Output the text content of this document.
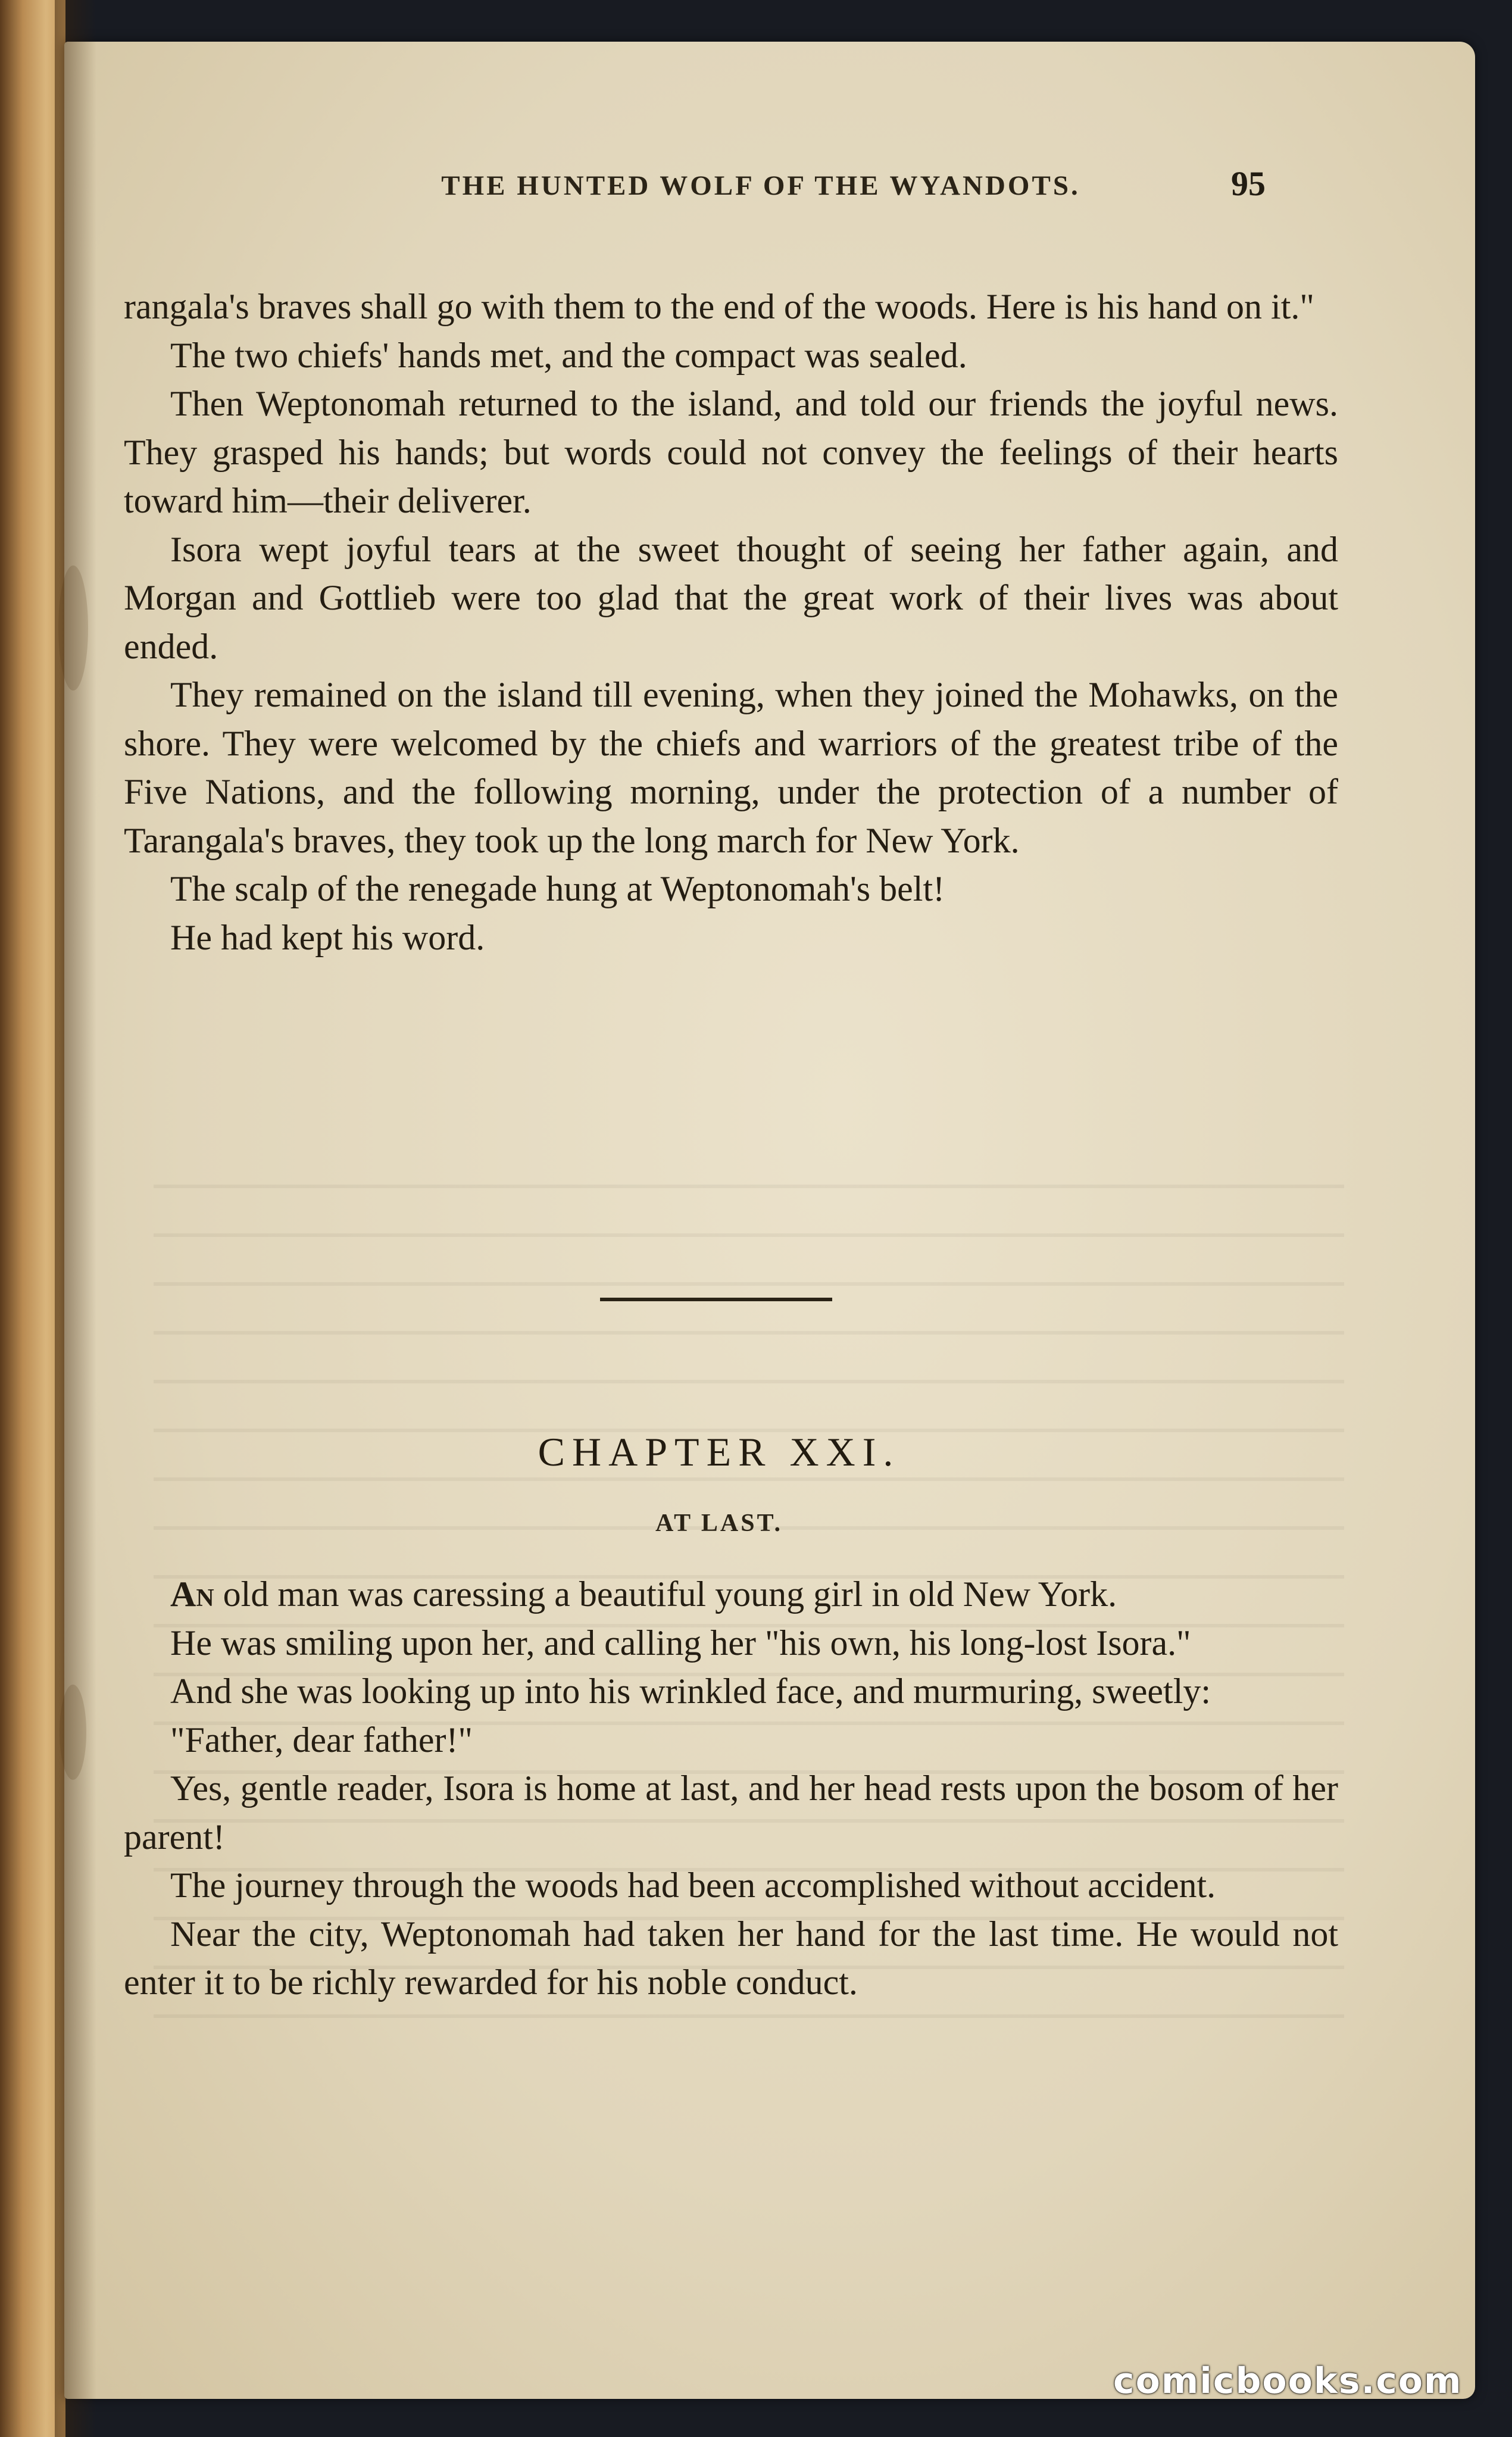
THE HUNTED WOLF OF THE WYANDOTS.	95

rangala's braves shall go with them to the end of the woods. Here is his hand on it."

The two chiefs' hands met, and the compact was sealed.

Then Weptonomah returned to the island, and told our friends the joyful news. They grasped his hands; but words could not convey the feelings of their hearts toward him—their deliverer.

Isora wept joyful tears at the sweet thought of seeing her father again, and Morgan and Gottlieb were too glad that the great work of their lives was about ended.

They remained on the island till evening, when they joined the Mohawks, on the shore. They were welcomed by the chiefs and warriors of the greatest tribe of the Five Nations, and the following morning, under the protection of a number of Tarangala's braves, they took up the long march for New York.

The scalp of the renegade hung at Weptonomah's belt!

He had kept his word.

CHAPTER XXI.
AT LAST.

An old man was caressing a beautiful young girl in old New York.

He was smiling upon her, and calling her "his own, his long-lost Isora."

And she was looking up into his wrinkled face, and murmuring, sweetly:

"Father, dear father!"

Yes, gentle reader, Isora is home at last, and her head rests upon the bosom of her parent!

The journey through the woods had been accomplished without accident.

Near the city, Weptonomah had taken her hand for the last time. He would not enter it to be richly rewarded for his noble conduct.

comicbooks.com
